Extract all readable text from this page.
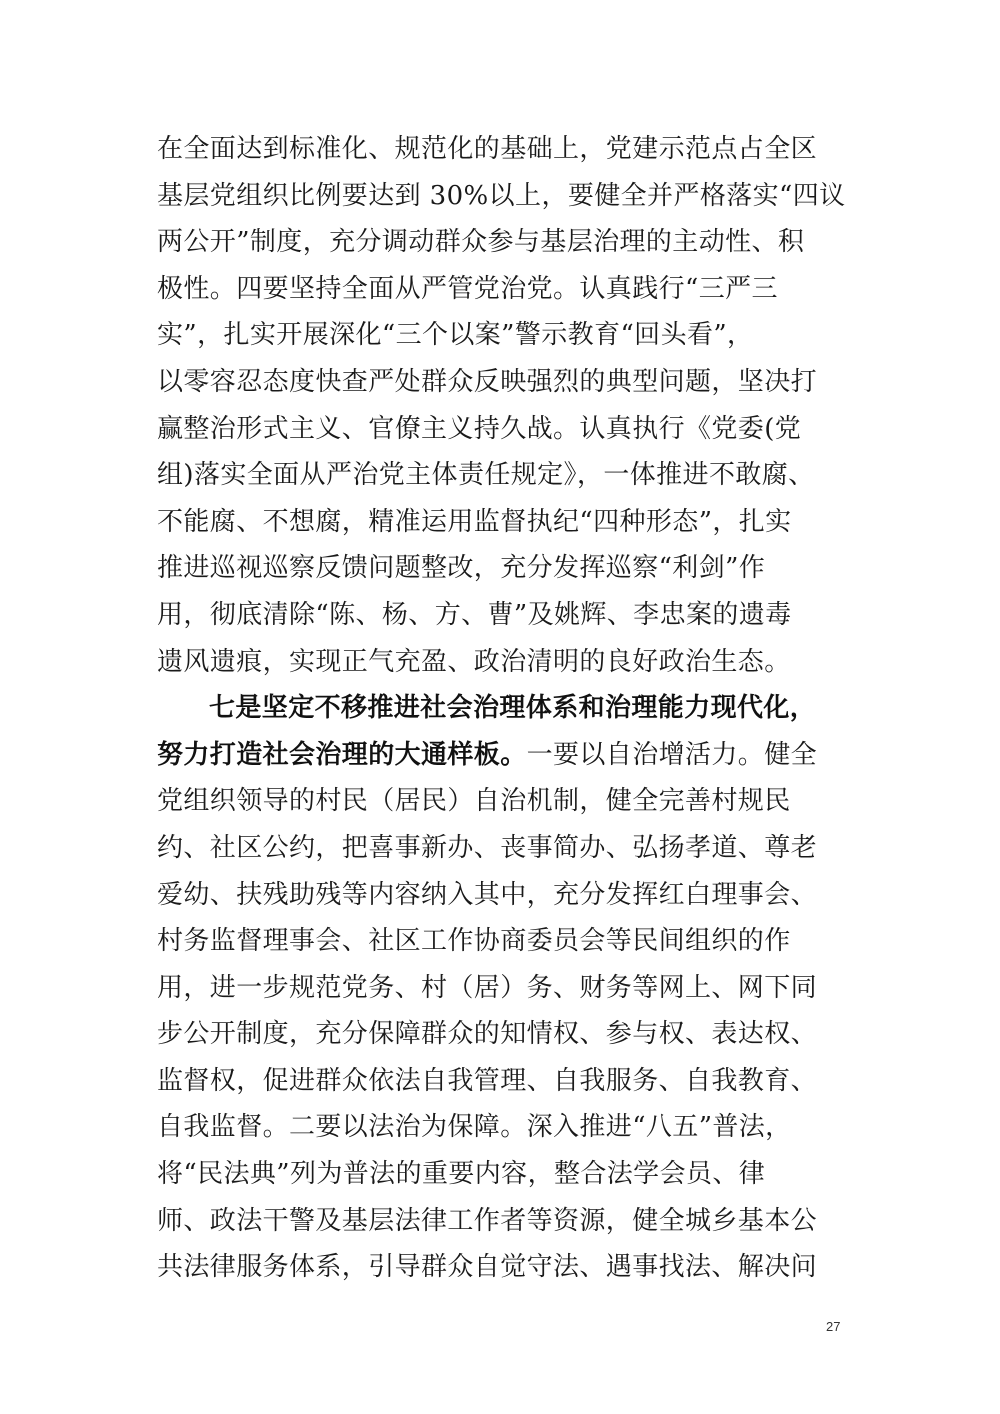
在全面达到标准化、规范化的基础上，党建示范点占全区
基层党组织比例要达到 30%以上，要健全并严格落实“四议
两公开”制度，充分调动群众参与基层治理的主动性、积
极性。四要坚持全面从严管党治党。认真践行“三严三
实”，扎实开展深化“三个以案”警示教育“回头看”，
以零容忍态度快查严处群众反映强烈的典型问题，坚决打
赢整治形式主义、官僚主义持久战。认真执行《党委(党
组)落实全面从严治党主体责任规定》，一体推进不敢腐、
不能腐、不想腐，精准运用监督执纪“四种形态”，扎实
推进巡视巡察反馈问题整改，充分发挥巡察“利剑”作
用，彻底清除“陈、杨、方、曹”及姚辉、李忠案的遗毒
遗风遗痕，实现正气充盈、政治清明的良好政治生态。
七是坚定不移推进社会治理体系和治理能力现代化，
努力打造社会治理的大通样板。一要以自治增活力。健全
党组织领导的村民（居民）自治机制，健全完善村规民
约、社区公约，把喜事新办、丧事简办、弘扬孝道、尊老
爱幼、扶残助残等内容纳入其中，充分发挥红白理事会、
村务监督理事会、社区工作协商委员会等民间组织的作
用，进一步规范党务、村（居）务、财务等网上、网下同
步公开制度，充分保障群众的知情权、参与权、表达权、
监督权，促进群众依法自我管理、自我服务、自我教育、
自我监督。二要以法治为保障。深入推进“八五”普法，
将“民法典”列为普法的重要内容，整合法学会员、律
师、政法干警及基层法律工作者等资源，健全城乡基本公
共法律服务体系，引导群众自觉守法、遇事找法、解决问
27
